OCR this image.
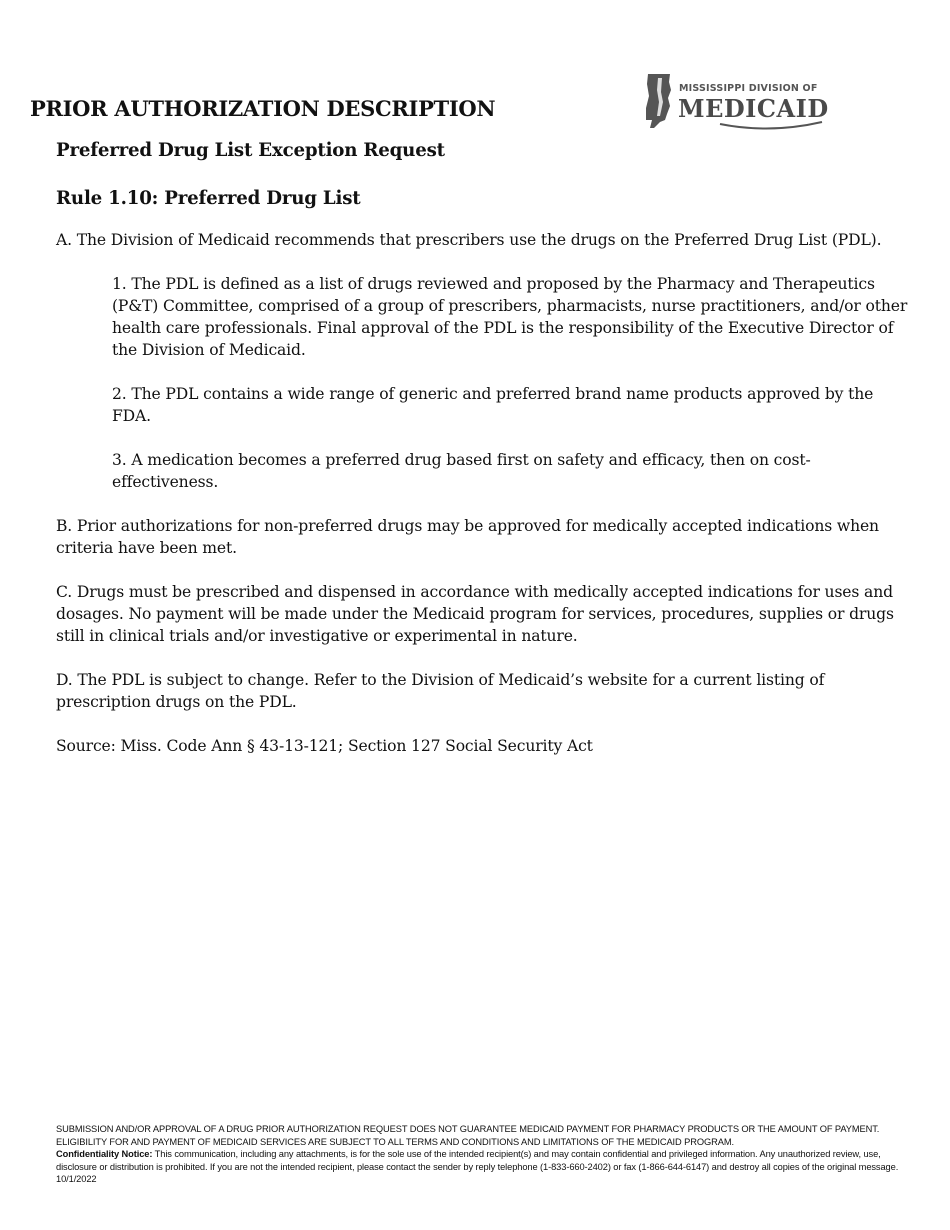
PRIOR AUTHORIZATION DESCRIPTION
MISSISSIPPI DIVISION OF
MEDICAID
Preferred Drug List Exception Request
Rule 1.10: Preferred Drug List

A. The Division of Medicaid recommends that prescribers use the drugs on the Preferred Drug List (PDL).

1. The PDL is defined as a list of drugs reviewed and proposed by the Pharmacy and Therapeutics (P&T) Committee, comprised of a group of prescribers, pharmacists, nurse practitioners, and/or other health care professionals. Final approval of the PDL is the responsibility of the Executive Director of the Division of Medicaid.

2. The PDL contains a wide range of generic and preferred brand name products approved by the FDA.

3. A medication becomes a preferred drug based first on safety and efficacy, then on cost-effectiveness.

B. Prior authorizations for non-preferred drugs may be approved for medically accepted indications when criteria have been met.

C. Drugs must be prescribed and dispensed in accordance with medically accepted indications for uses and dosages. No payment will be made under the Medicaid program for services, procedures, supplies or drugs still in clinical trials and/or investigative or experimental in nature.

D. The PDL is subject to change. Refer to the Division of Medicaid’s website for a current listing of prescription drugs on the PDL.

Source: Miss. Code Ann § 43-13-121; Section 127 Social Security Act

SUBMISSION AND/OR APPROVAL OF A DRUG PRIOR AUTHORIZATION REQUEST DOES NOT GUARANTEE MEDICAID PAYMENT FOR PHARMACY PRODUCTS OR THE AMOUNT OF PAYMENT.
ELIGIBILITY FOR AND PAYMENT OF MEDICAID SERVICES ARE SUBJECT TO ALL TERMS AND CONDITIONS AND LIMITATIONS OF THE MEDICAID PROGRAM.
Confidentiality Notice: This communication, including any attachments, is for the sole use of the intended recipient(s) and may contain confidential and privileged information. Any unauthorized review, use, disclosure or distribution is prohibited. If you are not the intended recipient, please contact the sender by reply telephone (1-833-660-2402) or fax (1-866-644-6147) and destroy all copies of the original message.
10/1/2022
